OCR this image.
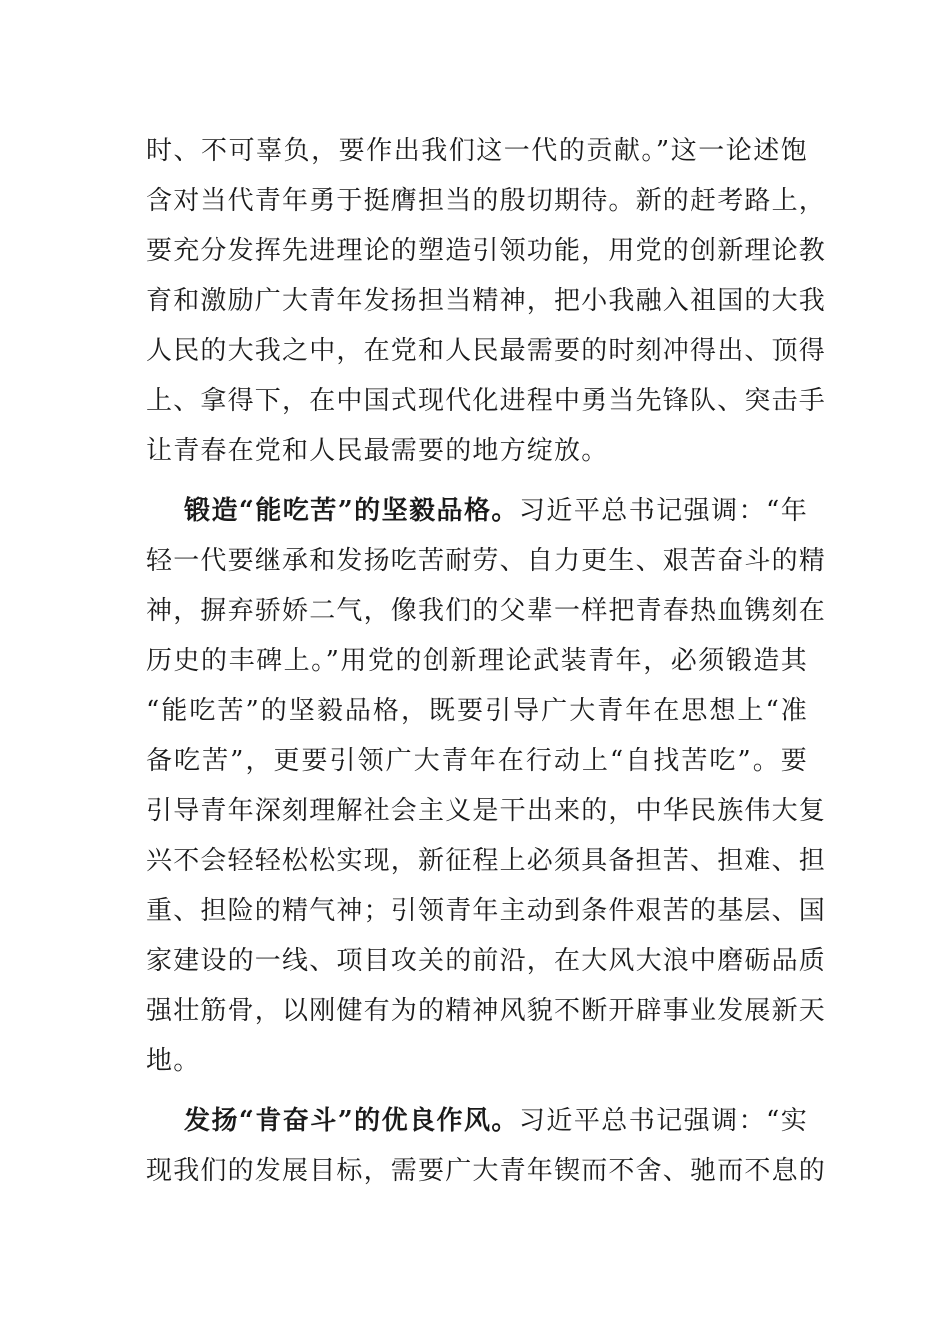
时、不可辜负，要作出我们这一代的贡献。”这一论述饱
含对当代青年勇于挺膺担当的殷切期待。新的赶考路上，
要充分发挥先进理论的塑造引领功能，用党的创新理论教
育和激励广大青年发扬担当精神，把小我融入祖国的大我
人民的大我之中，在党和人民最需要的时刻冲得出、顶得
上、拿得下，在中国式现代化进程中勇当先锋队、突击手
让青春在党和人民最需要的地方绽放。
锻造“能吃苦”的坚毅品格。习近平总书记强调：“年
轻一代要继承和发扬吃苦耐劳、自力更生、艰苦奋斗的精
神，摒弃骄娇二气，像我们的父辈一样把青春热血镌刻在
历史的丰碑上。”用党的创新理论武装青年，必须锻造其
“能吃苦”的坚毅品格，既要引导广大青年在思想上“准
备吃苦”，更要引领广大青年在行动上“自找苦吃”。要
引导青年深刻理解社会主义是干出来的，中华民族伟大复
兴不会轻轻松松实现，新征程上必须具备担苦、担难、担
重、担险的精气神；引领青年主动到条件艰苦的基层、国
家建设的一线、项目攻关的前沿，在大风大浪中磨砺品质
强壮筋骨，以刚健有为的精神风貌不断开辟事业发展新天
地。
发扬“肯奋斗”的优良作风。习近平总书记强调：“实
现我们的发展目标，需要广大青年锲而不舍、驰而不息的
